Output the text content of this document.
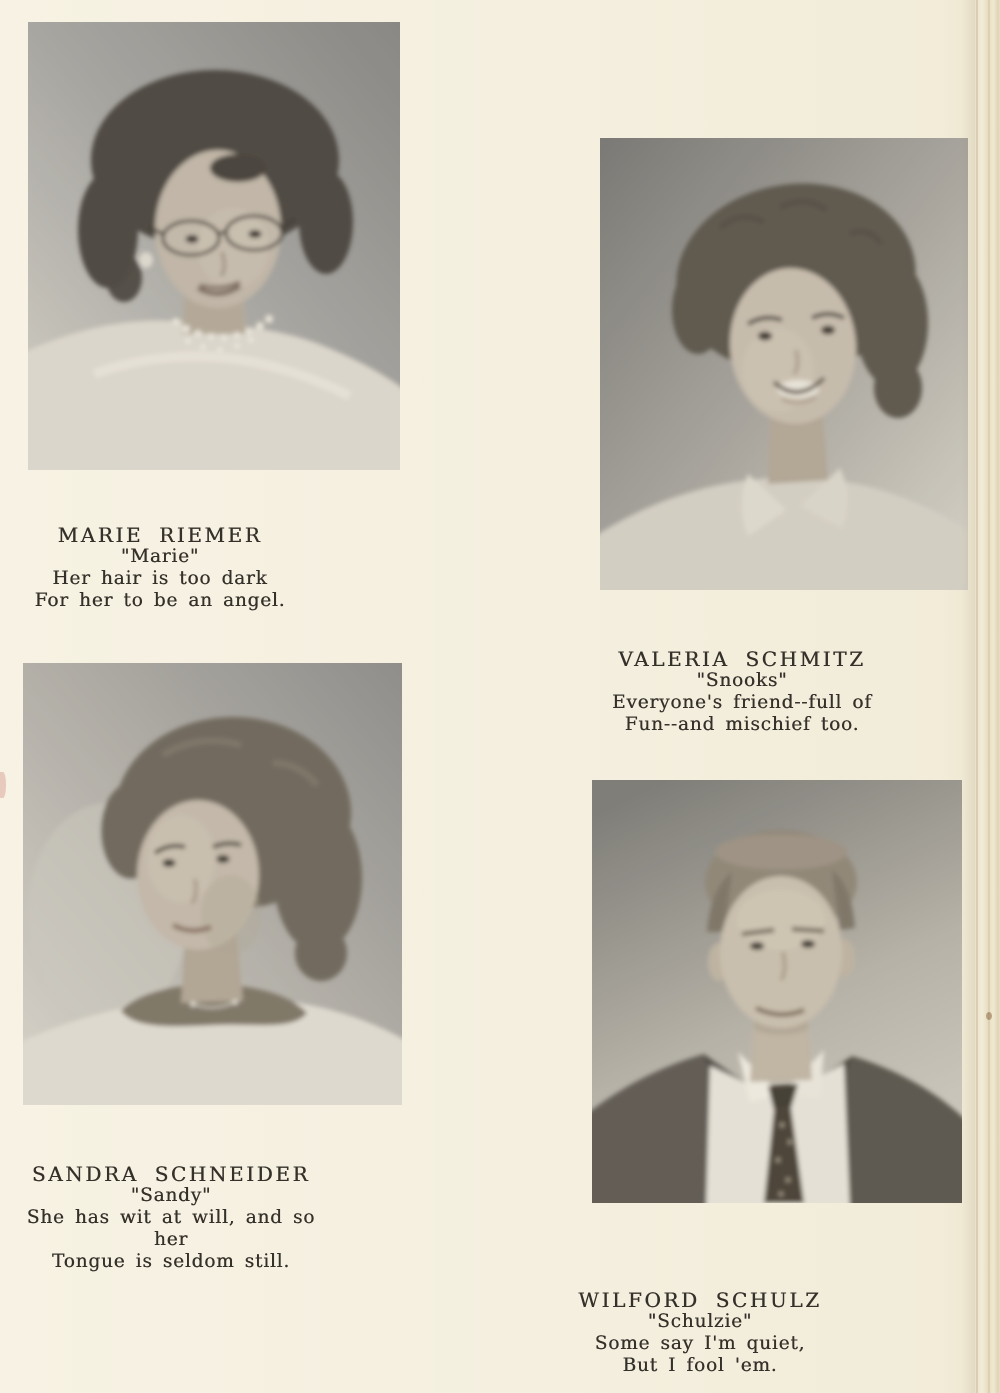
MARIE RIEMER
"Marie"
Her hair is too dark
For her to be an angel.
VALERIA SCHMITZ
"Snooks"
Everyone's friend--full of
Fun--and mischief too.
SANDRA SCHNEIDER
"Sandy"
She has wit at will, and so her
Tongue is seldom still.
WILFORD SCHULZ
"Schulzie"
Some say I'm quiet,
But I fool 'em.
